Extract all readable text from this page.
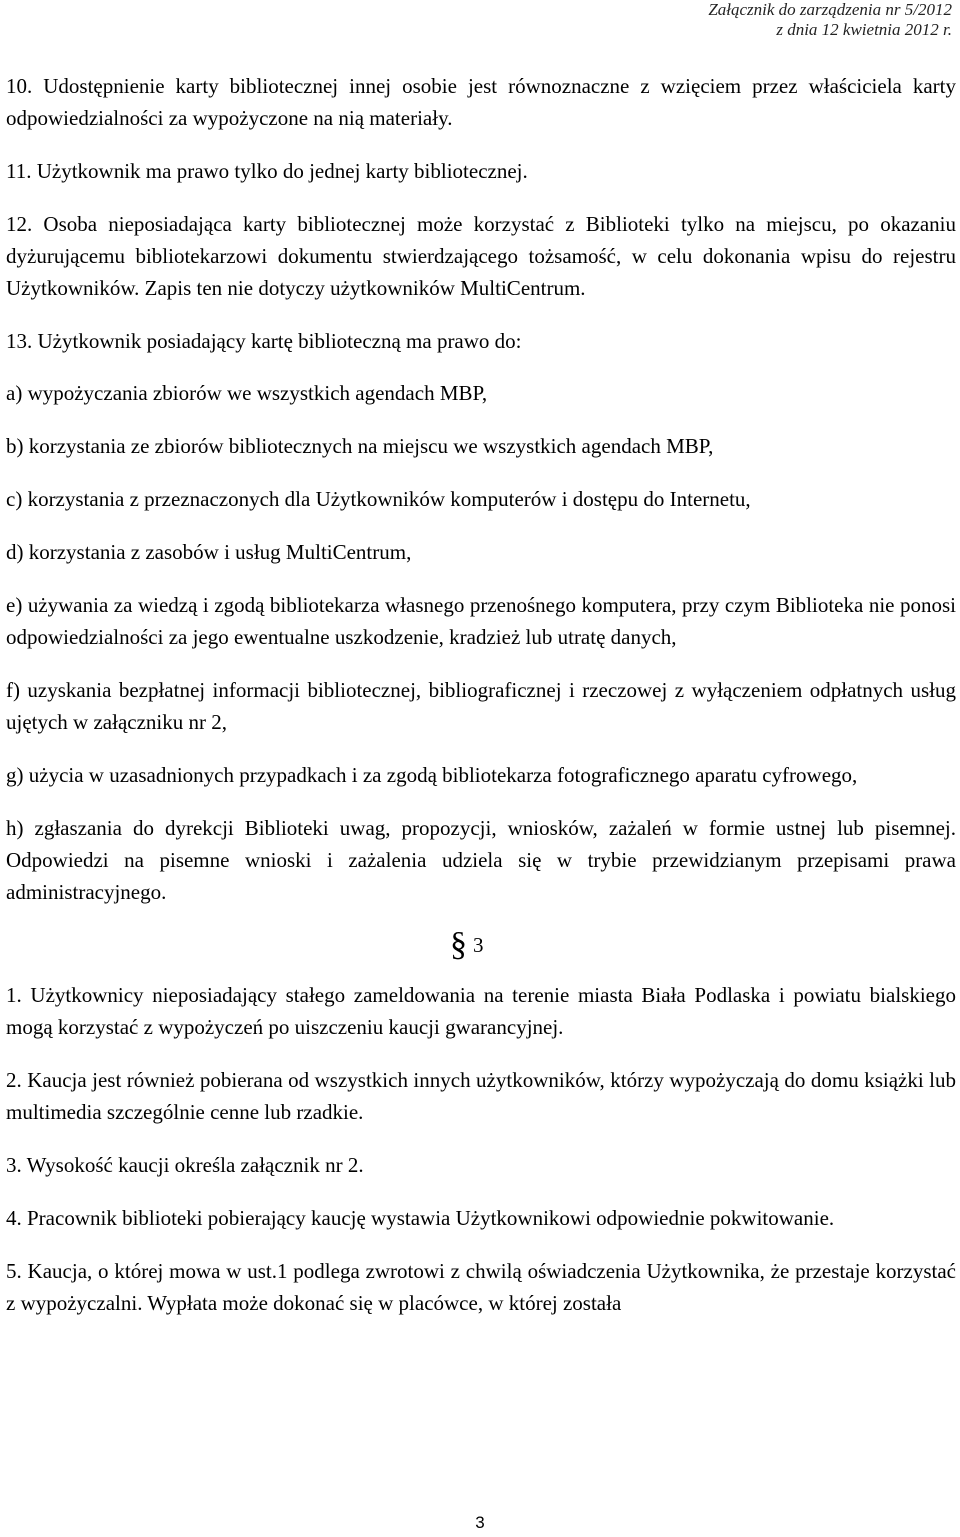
Załącznik do zarządzenia nr 5/2012
z dnia 12 kwietnia 2012 r.

10. Udostępnienie karty bibliotecznej innej osobie jest równoznaczne z wzięciem przez właściciela karty odpowiedzialności za wypożyczone na nią materiały.

11. Użytkownik ma prawo tylko do jednej karty bibliotecznej.

12. Osoba nieposiadająca karty bibliotecznej może korzystać z Biblioteki tylko na miejscu, po okazaniu dyżurującemu bibliotekarzowi dokumentu stwierdzającego tożsamość, w celu dokonania wpisu do rejestru Użytkowników. Zapis ten nie dotyczy użytkowników MultiCentrum.

13. Użytkownik posiadający kartę biblioteczną ma prawo do:

a) wypożyczania zbiorów we wszystkich agendach MBP,

b) korzystania ze zbiorów bibliotecznych na miejscu we wszystkich agendach MBP,

c) korzystania z przeznaczonych dla Użytkowników komputerów i dostępu do Internetu,

d) korzystania z zasobów i usług MultiCentrum,

e) używania za wiedzą i zgodą bibliotekarza własnego przenośnego komputera, przy czym Biblioteka nie ponosi odpowiedzialności za jego ewentualne uszkodzenie, kradzież lub utratę danych,

f) uzyskania bezpłatnej informacji bibliotecznej, bibliograficznej i rzeczowej z wyłączeniem odpłatnych usług ujętych w załączniku nr 2,

g) użycia w uzasadnionych przypadkach i za zgodą bibliotekarza fotograficznego aparatu cyfrowego,

h) zgłaszania do dyrekcji Biblioteki uwag, propozycji, wniosków, zażaleń w formie ustnej lub pisemnej. Odpowiedzi na pisemne wnioski i zażalenia udziela się w trybie przewidzianym przepisami prawa administracyjnego.

§ 3

1. Użytkownicy nieposiadający stałego zameldowania na terenie miasta Biała Podlaska i powiatu bialskiego mogą korzystać z wypożyczeń po uiszczeniu kaucji gwarancyjnej.

2. Kaucja jest również pobierana od wszystkich innych użytkowników, którzy wypożyczają do domu książki lub multimedia szczególnie cenne lub rzadkie.

3. Wysokość kaucji określa załącznik nr 2.

4. Pracownik biblioteki pobierający kaucję wystawia Użytkownikowi odpowiednie pokwitowanie.

5. Kaucja, o której mowa w ust.1 podlega zwrotowi z chwilą oświadczenia Użytkownika, że przestaje korzystać z wypożyczalni. Wypłata może dokonać się w placówce, w której została

3
